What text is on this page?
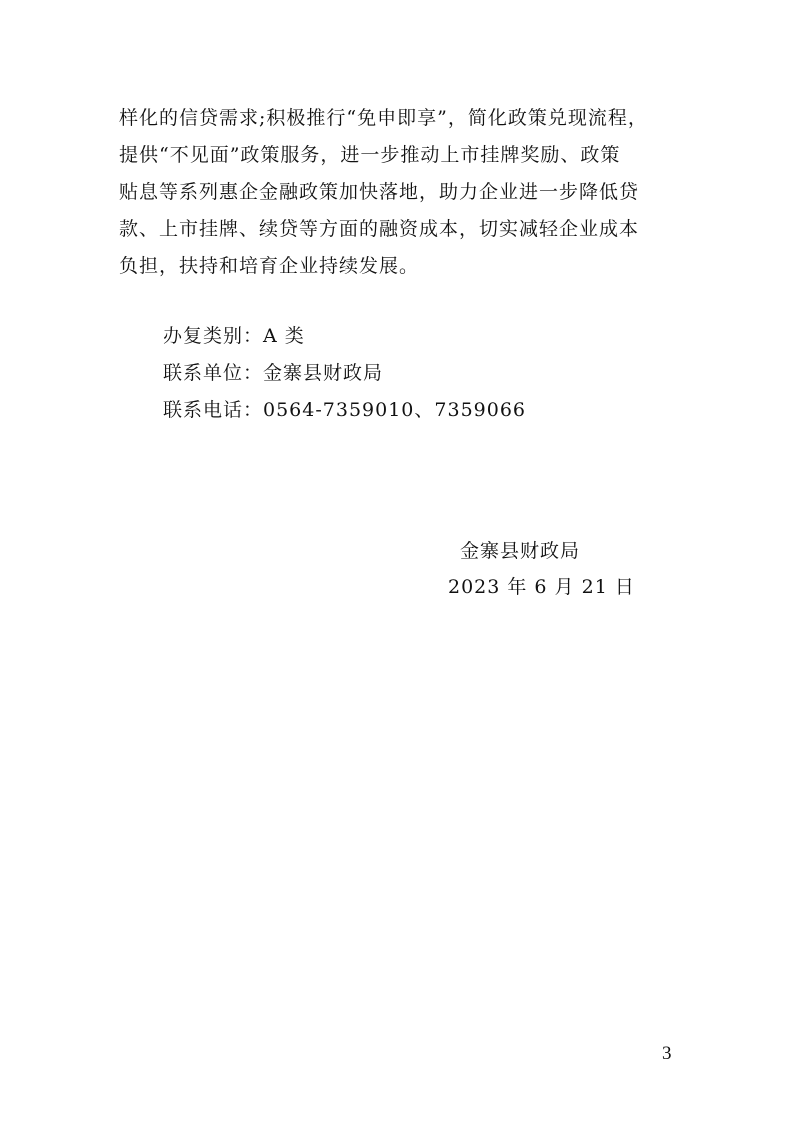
样化的信贷需求;积极推行“免申即享”，简化政策兑现流程，
提供“不见面”政策服务，进一步推动上市挂牌奖励、政策
贴息等系列惠企金融政策加快落地，助力企业进一步降低贷
款、上市挂牌、续贷等方面的融资成本，切实减轻企业成本
负担，扶持和培育企业持续发展。

办复类别：A 类
联系单位：金寨县财政局
联系电话：0564-7359010、7359066
金寨县财政局
2023 年 6 月 21 日
3
